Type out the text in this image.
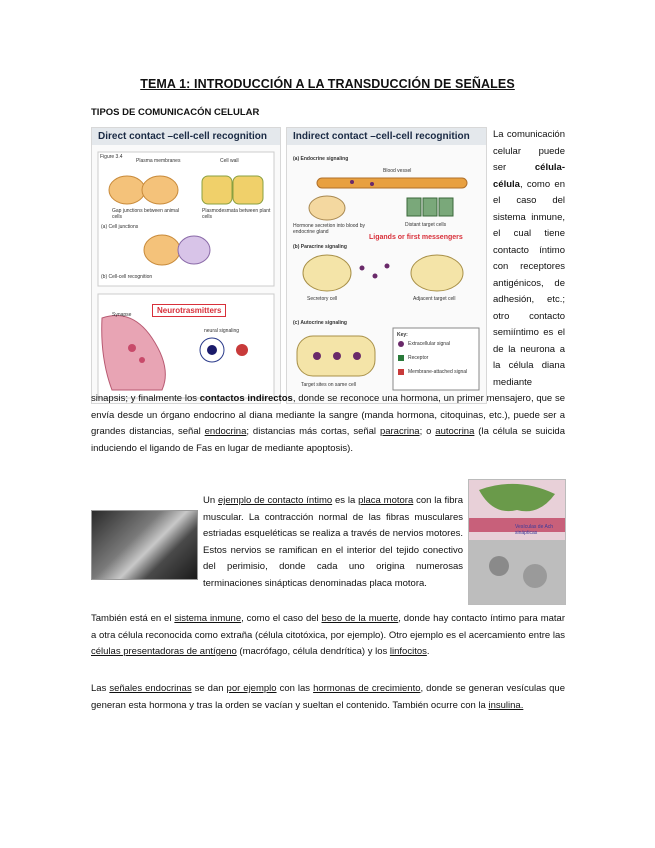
TEMA 1: INTRODUCCIÓN A LA TRANSDUCCIÓN DE SEÑALES
TIPOS DE COMUNICACÓN CELULAR
Direct contact –cell-cell recognition
Figure 3.4
Plasma membranes	Cell wall
Gap junctions between animal cells
Plasmodesmata between plant cells
(a) Cell junctions
(b) Cell-cell recognition
Neurotrasmitters
Synapse
neural signaling
Indirect contact –cell-cell recognition
(a) Endocrine signaling
Blood vessel
Hormone secretion into blood by endocrine gland
Distant target cells
Ligands or first messengers
(b) Paracrine signaling
Secretory cell	Adjacent target cell
(c) Autocrine signaling
Key:
Extracellular signal
Receptor
Membrane-attached signal
Target sites on same cell

La comunicación celular puede ser célula-célula, como en el caso del sistema inmune, el cual tiene contacto íntimo con receptores antigénicos, de adhesión, etc.; otro contacto semiíntimo es el de la neurona a la célula diana mediante sinapsis; y finalmente los contactos indirectos, donde se reconoce una hormona, un primer mensajero, que se envía desde un órgano endocrino al diana mediante la sangre (manda hormona, citoquinas, etc.), puede ser a grandes distancias, señal endocrina; distancias más cortas, señal paracrina; o autocrina (la célula se suicida induciendo el ligando de Fas en lugar de mediante apoptosis).

Vesículas de Ach sinápticas

Un ejemplo de contacto íntimo es la placa motora con la fibra muscular. La contracción normal de las fibras musculares estriadas esqueléticas se realiza a través de nervios motores. Estos nervios se ramifican en el interior del tejido conectivo del perimisio, donde cada uno origina numerosas terminaciones sinápticas denominadas placa motora.

También está en el sistema inmune, como el caso del beso de la muerte, donde hay contacto íntimo para matar a otra célula reconocida como extraña (célula citotóxica, por ejemplo). Otro ejemplo es el acercamiento entre las células presentadoras de antígeno (macrófago, célula dendrítica) y los linfocitos.

Las señales endocrinas se dan por ejemplo con las hormonas de crecimiento, donde se generan vesículas que generan esta hormona y tras la orden se vacían y sueltan el contenido. También ocurre con la insulina.
